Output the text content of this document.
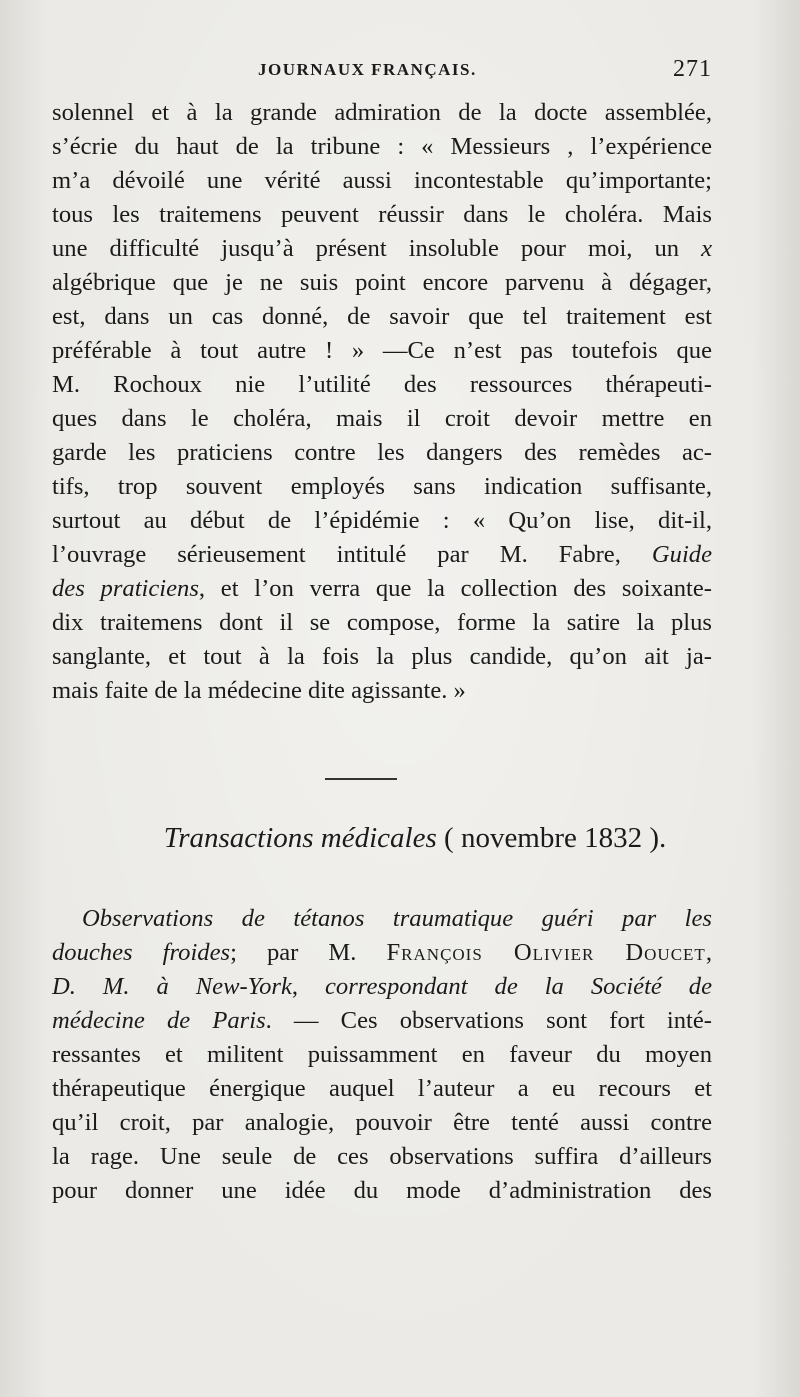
JOURNAUX FRANÇAIS.	271
solennel et à la grande admiration de la docte assemblée,
s’écrie du haut de la tribune : « Messieurs , l’expérience
m’a dévoilé une vérité aussi incontestable qu’importante;
tous les traitemens peuvent réussir dans le choléra. Mais
une difficulté jusqu’à présent insoluble pour moi, un x
algébrique que je ne suis point encore parvenu à dégager,
est, dans un cas donné, de savoir que tel traitement est
préférable à tout autre ! » —Ce n’est pas toutefois que
M. Rochoux nie l’utilité des ressources thérapeuti-
ques dans le choléra, mais il croit devoir mettre en
garde les praticiens contre les dangers des remèdes ac-
tifs, trop souvent employés sans indication suffisante,
surtout au début de l’épidémie : « Qu’on lise, dit-il,
l’ouvrage sérieusement intitulé par M. Fabre, Guide
des praticiens, et l’on verra que la collection des soixante-
dix traitemens dont il se compose, forme la satire la plus
sanglante, et tout à la fois la plus candide, qu’on ait ja-
mais faite de la médecine dite agissante. »
Transactions médicales ( novembre 1832 ).
Observations de tétanos traumatique guéri par les
douches froides; par M. François Olivier Doucet,
D. M. à New-York, correspondant de la Société de
médecine de Paris. — Ces observations sont fort inté-
ressantes et militent puissamment en faveur du moyen
thérapeutique énergique auquel l’auteur a eu recours et
qu’il croit, par analogie, pouvoir être tenté aussi contre
la rage. Une seule de ces observations suffira d’ailleurs
pour donner une idée du mode d’administration des
